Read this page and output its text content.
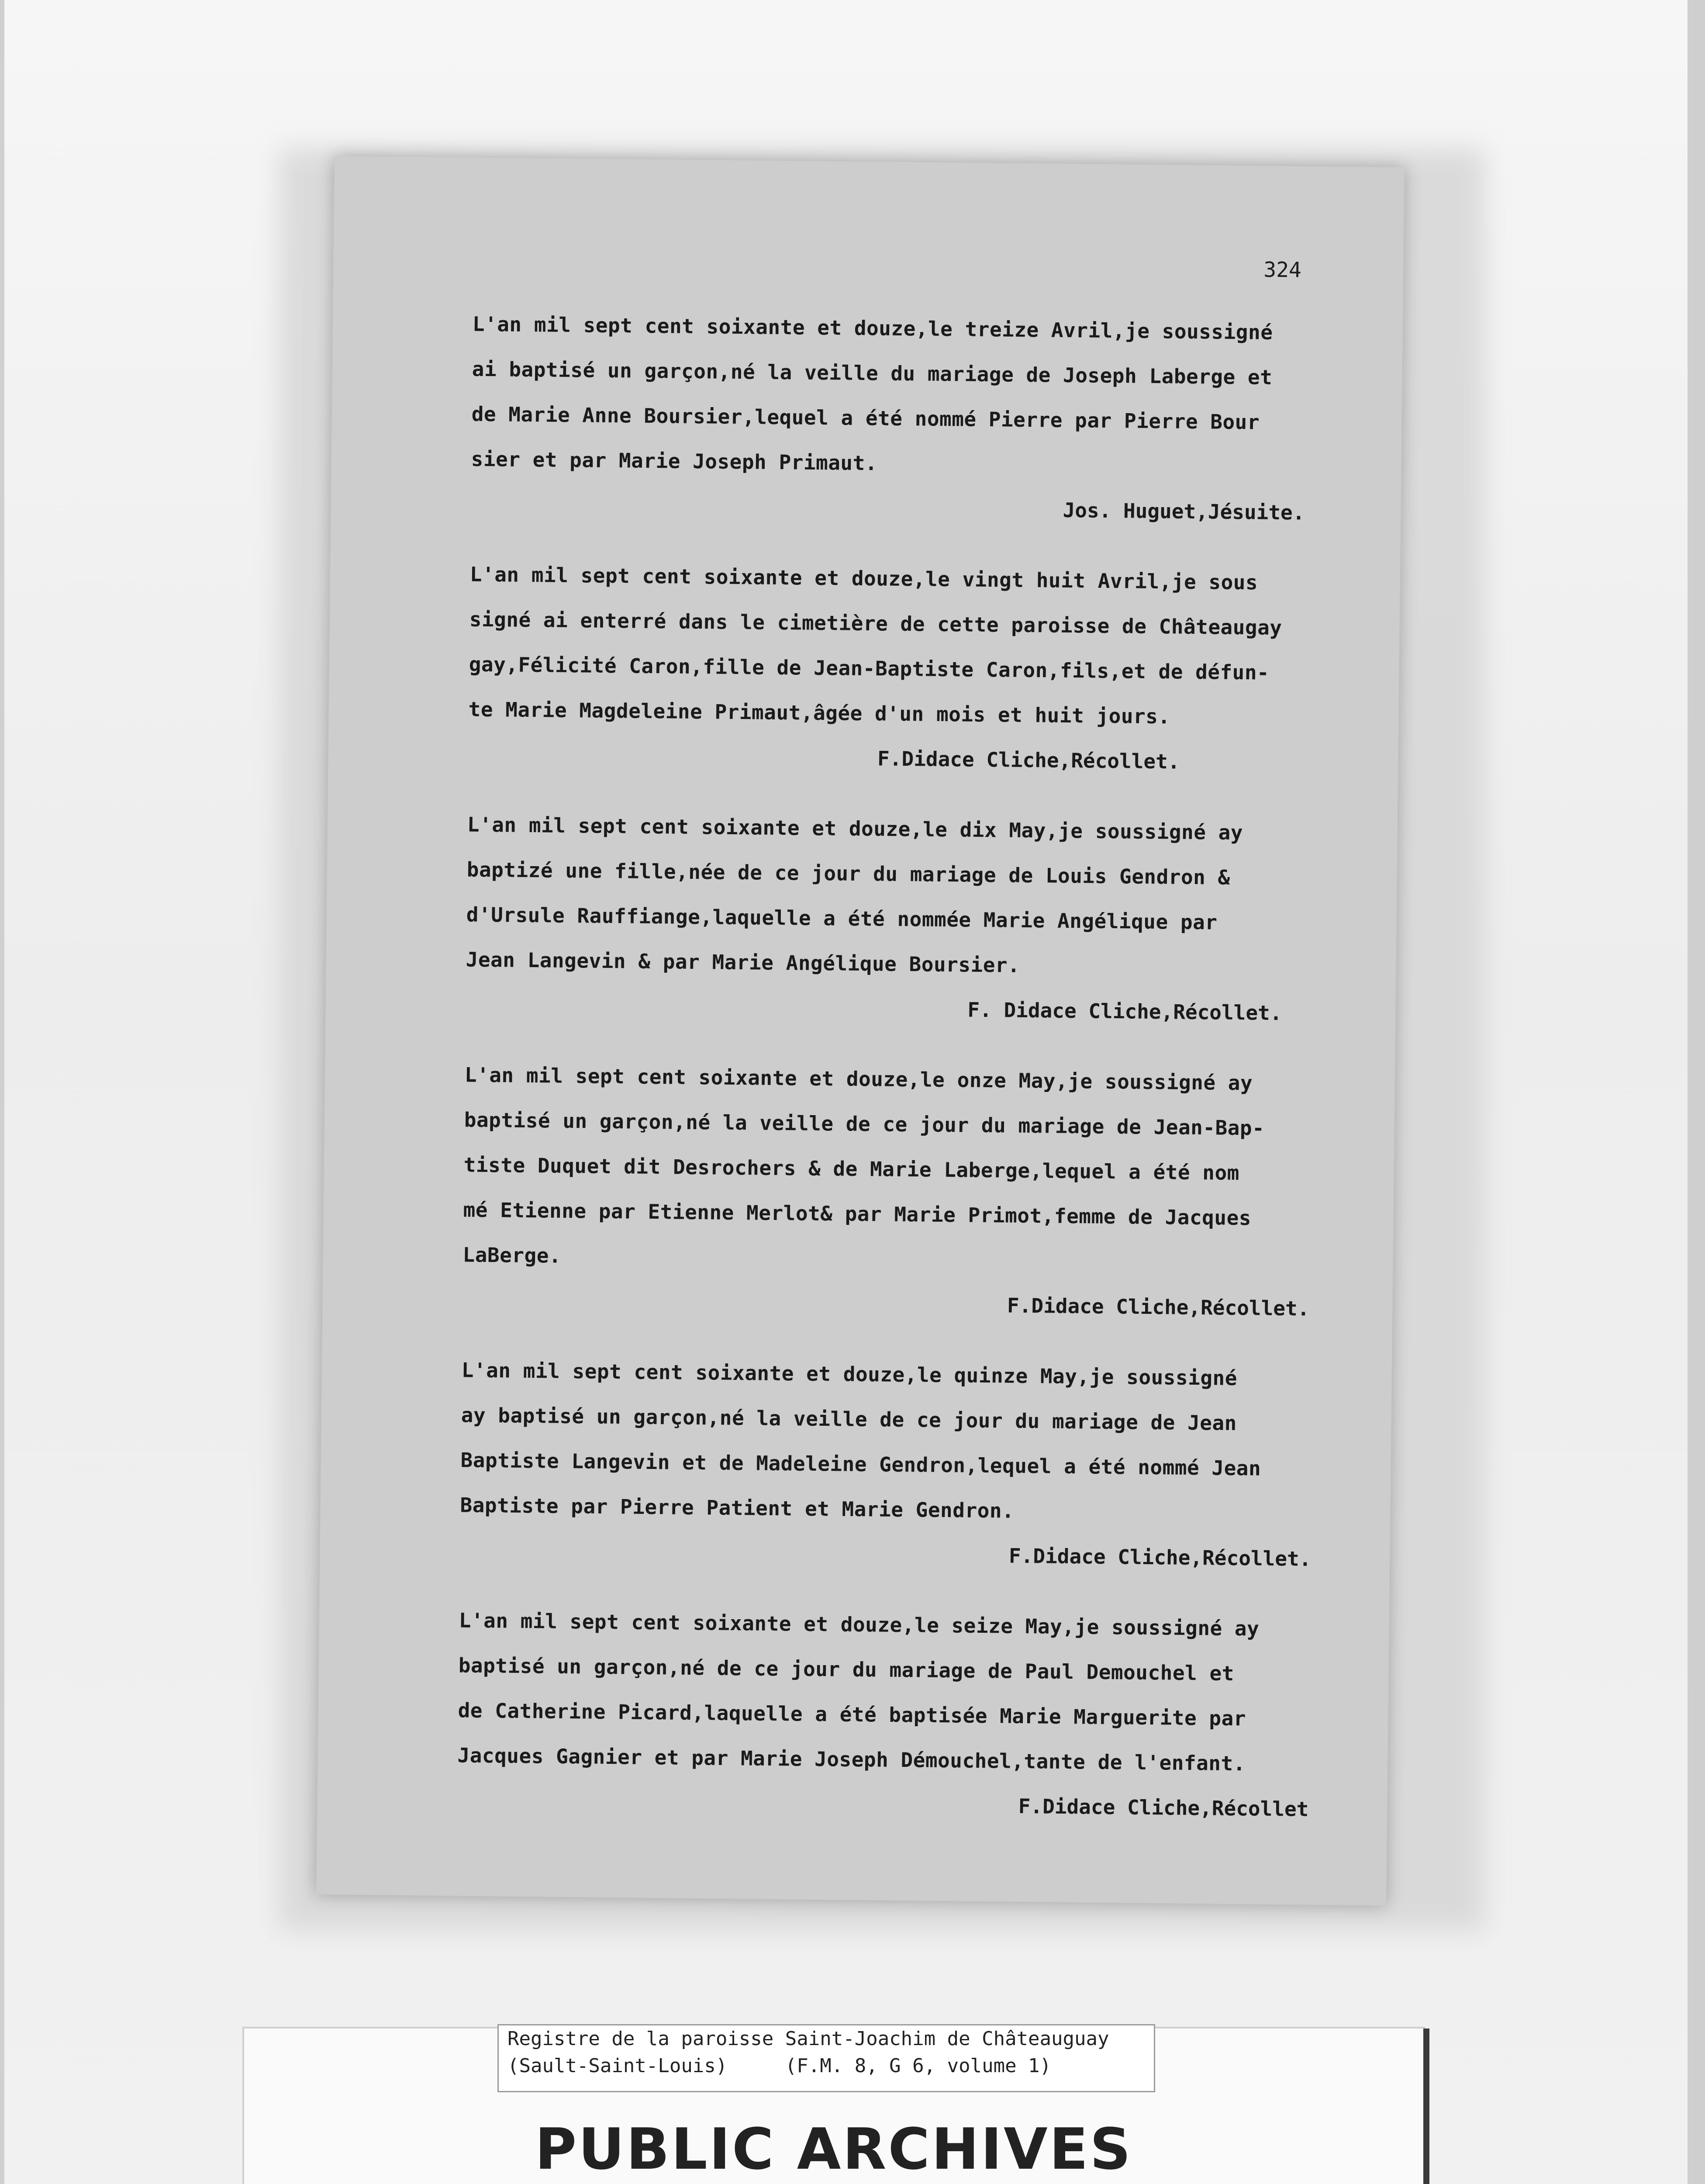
324
L'an mil sept cent soixante et douze,le treize Avril,je soussigné
ai baptisé un garçon,né la veille du mariage de Joseph Laberge et
de Marie Anne Boursier,lequel a été nommé Pierre par Pierre Bour
sier et par Marie Joseph Primaut.
Jos. Huguet,Jésuite.
L'an mil sept cent soixante et douze,le vingt huit Avril,je sous
signé ai enterré dans le cimetière de cette paroisse de Châteaugay
gay,Félicité Caron,fille de Jean-Baptiste Caron,fils,et de défun-
te Marie Magdeleine Primaut,âgée d'un mois et huit jours.
F.Didace Cliche,Récollet.
L'an mil sept cent soixante et douze,le dix May,je soussigné ay
baptizé une fille,née de ce jour du mariage de Louis Gendron &
d'Ursule Rauffiange,laquelle a été nommée Marie Angélique par
Jean Langevin & par Marie Angélique Boursier.
F. Didace Cliche,Récollet.
L'an mil sept cent soixante et douze,le onze May,je soussigné ay
baptisé un garçon,né la veille de ce jour du mariage de Jean-Bap-
tiste Duquet dit Desrochers & de Marie Laberge,lequel a été nom
mé Etienne par Etienne Merlot& par Marie Primot,femme de Jacques
LaBerge.
F.Didace Cliche,Récollet.
L'an mil sept cent soixante et douze,le quinze May,je soussigné
ay baptisé un garçon,né la veille de ce jour du mariage de Jean
Baptiste Langevin et de Madeleine Gendron,lequel a été nommé Jean
Baptiste par Pierre Patient et Marie Gendron.
F.Didace Cliche,Récollet.
L'an mil sept cent soixante et douze,le seize May,je soussigné ay
baptisé un garçon,né de ce jour du mariage de Paul Demouchel et
de Catherine Picard,laquelle a été baptisée Marie Marguerite par
Jacques Gagnier et par Marie Joseph Démouchel,tante de l'enfant.
F.Didace Cliche,Récollet
Registre de la paroisse Saint-Joachim de Châteauguay
(Sault-Saint-Louis)     (F.M. 8, G 6, volume 1)
PUBLIC ARCHIVES
